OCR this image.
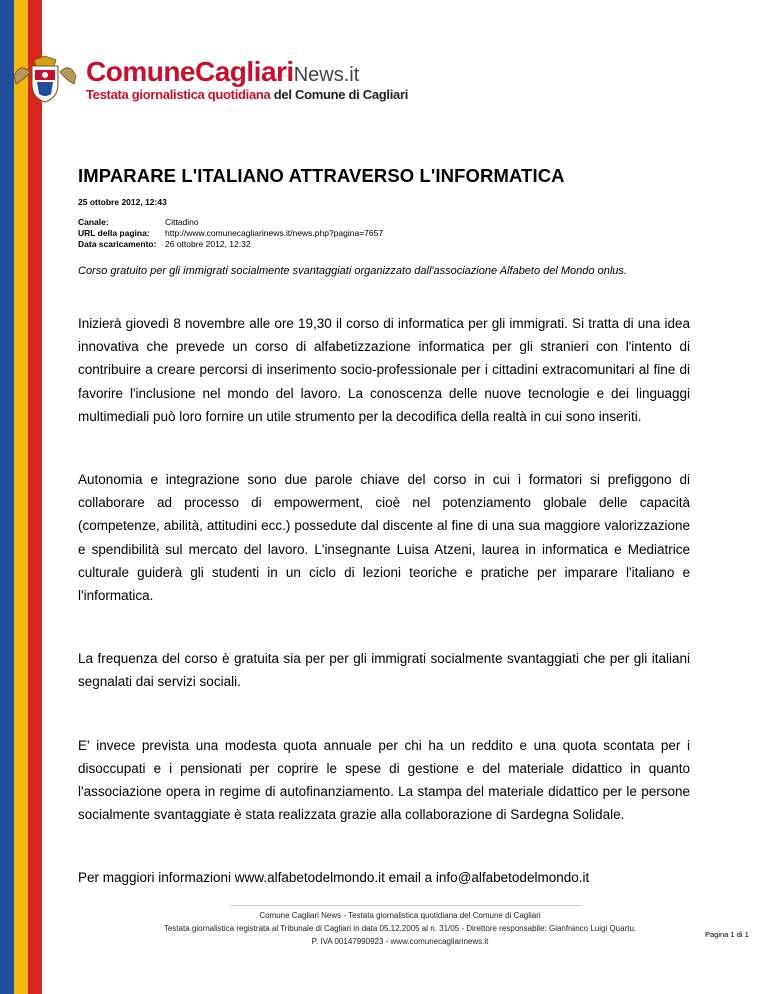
ComuneCagliariNews.it
Testata giornalistica quotidiana del Comune di Cagliari
IMPARARE L'ITALIANO ATTRAVERSO L'INFORMATICA
25 ottobre 2012, 12:43
Canale:	Cittadino
URL della pagina:	http://www.comunecagliarinews.it/news.php?pagina=7657
Data scaricamento:	26 ottobre 2012, 12:32
Corso gratuito per gli immigrati socialmente svantaggiati organizzato dall'associazione Alfabeto del Mondo onlus.

Inizierà giovedì 8 novembre alle ore 19,30 il corso di informatica per gli immigrati. Si tratta di una idea innovativa che prevede un corso di alfabetizzazione informatica per gli stranieri con l'intento di contribuire a creare percorsi di inserimento socio-professionale per i cittadini extracomunitari al fine di favorire l'inclusione nel mondo del lavoro. La conoscenza delle nuove tecnologie e dei linguaggi multimediali può loro fornire un utile strumento per la decodifica della realtà in cui sono inseriti.

Autonomia e integrazione sono due parole chiave del corso in cui i formatori si prefiggono di collaborare ad processo di empowerment, cioè nel potenziamento globale delle capacità (competenze, abilità, attitudini ecc.) possedute dal discente al fine di una sua maggiore valorizzazione e spendibilità sul mercato del lavoro. L'insegnante Luisa Atzeni, laurea in informatica e Mediatrice culturale guiderà gli studenti in un ciclo di lezioni teoriche e pratiche per imparare l'italiano e l'informatica.

La frequenza del corso è gratuita sia per per gli immigrati socialmente svantaggiati che per gli italiani segnalati dai servizi sociali.

E' invece prevista una modesta quota annuale per chi ha un reddito e una quota scontata per i disoccupati e i pensionati per coprire le spese di gestione e del materiale didattico in quanto l'associazione opera in regime di autofinanziamento. La stampa del materiale didattico per le persone socialmente svantaggiate è stata realizzata grazie alla collaborazione di Sardegna Solidale.

Per maggiori informazioni www.alfabetodelmondo.it email a info@alfabetodelmondo.it

Comune Cagliari News - Testata giornalistica quotidiana del Comune di Cagliari
Testata giornalistica registrata al Tribunale di Cagliari in data 05.12.2005 al n. 31/05 - Direttore responsabile: Gianfranco Luigi Quartu.
P. IVA 00147990923 - www.comunecagliarinews.it
Pagina 1 di 1
